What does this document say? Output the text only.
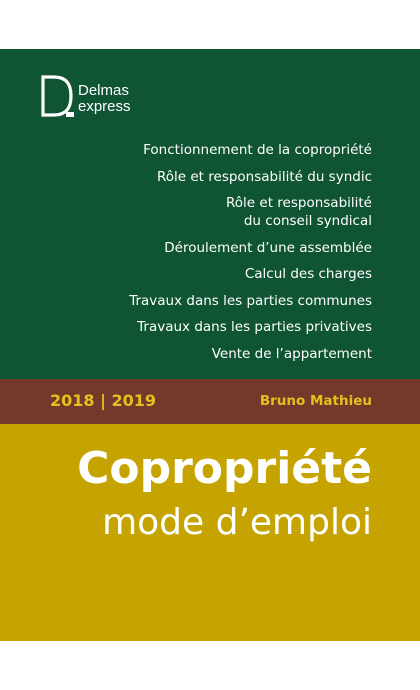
Delmas
express
Fonctionnement de la copropriété
Rôle et responsabilité du syndic
Rôle et responsabilité
du conseil syndical
Déroulement d’une assemblée
Calcul des charges
Travaux dans les parties communes
Travaux dans les parties privatives
Vente de l’appartement
2018 | 2019	Bruno Mathieu
Copropriété
mode d’emploi
